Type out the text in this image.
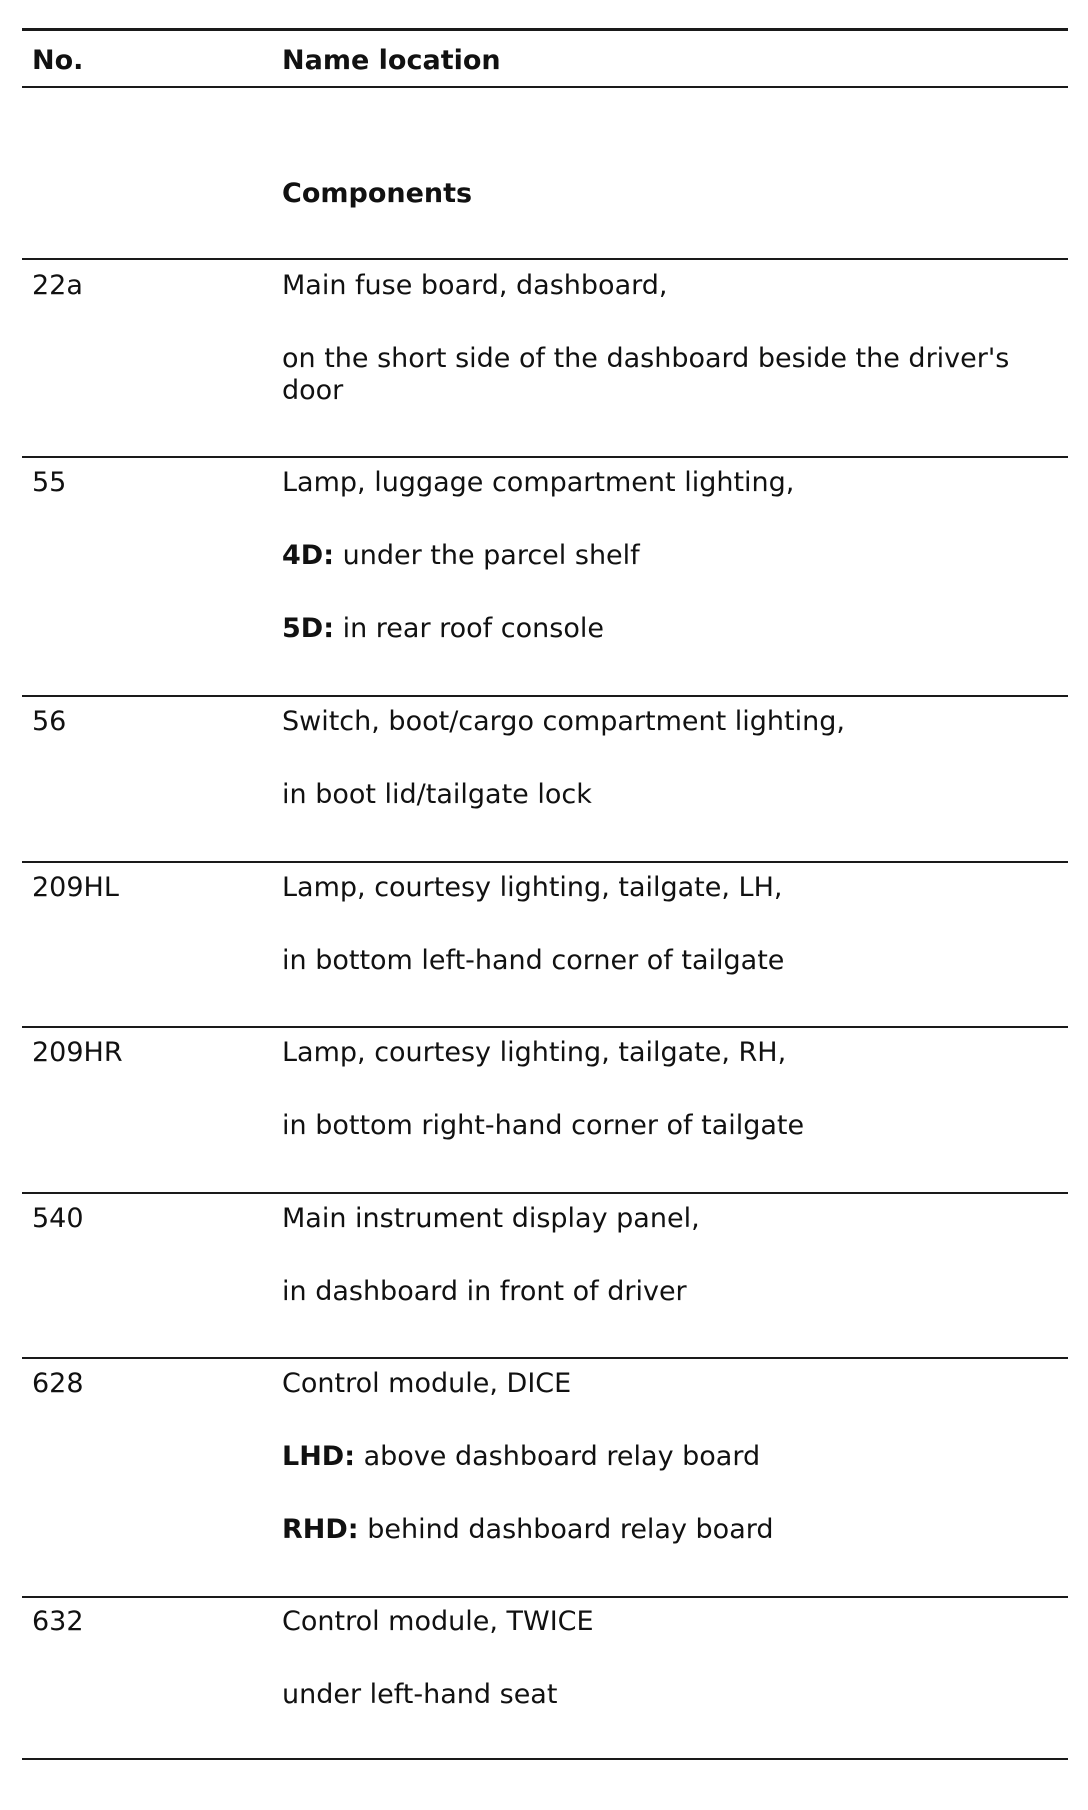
No.	Name location
Components
22a	Main fuse board, dashboard,
on the short side of the dashboard beside the driver's door
55	Lamp, luggage compartment lighting,
4D: under the parcel shelf
5D: in rear roof console
56	Switch, boot/cargo compartment lighting,
in boot lid/tailgate lock
209HL	Lamp, courtesy lighting, tailgate, LH,
in bottom left-hand corner of tailgate
209HR	Lamp, courtesy lighting, tailgate, RH,
in bottom right-hand corner of tailgate
540	Main instrument display panel,
in dashboard in front of driver
628	Control module, DICE
LHD: above dashboard relay board
RHD: behind dashboard relay board
632	Control module, TWICE
under left-hand seat
